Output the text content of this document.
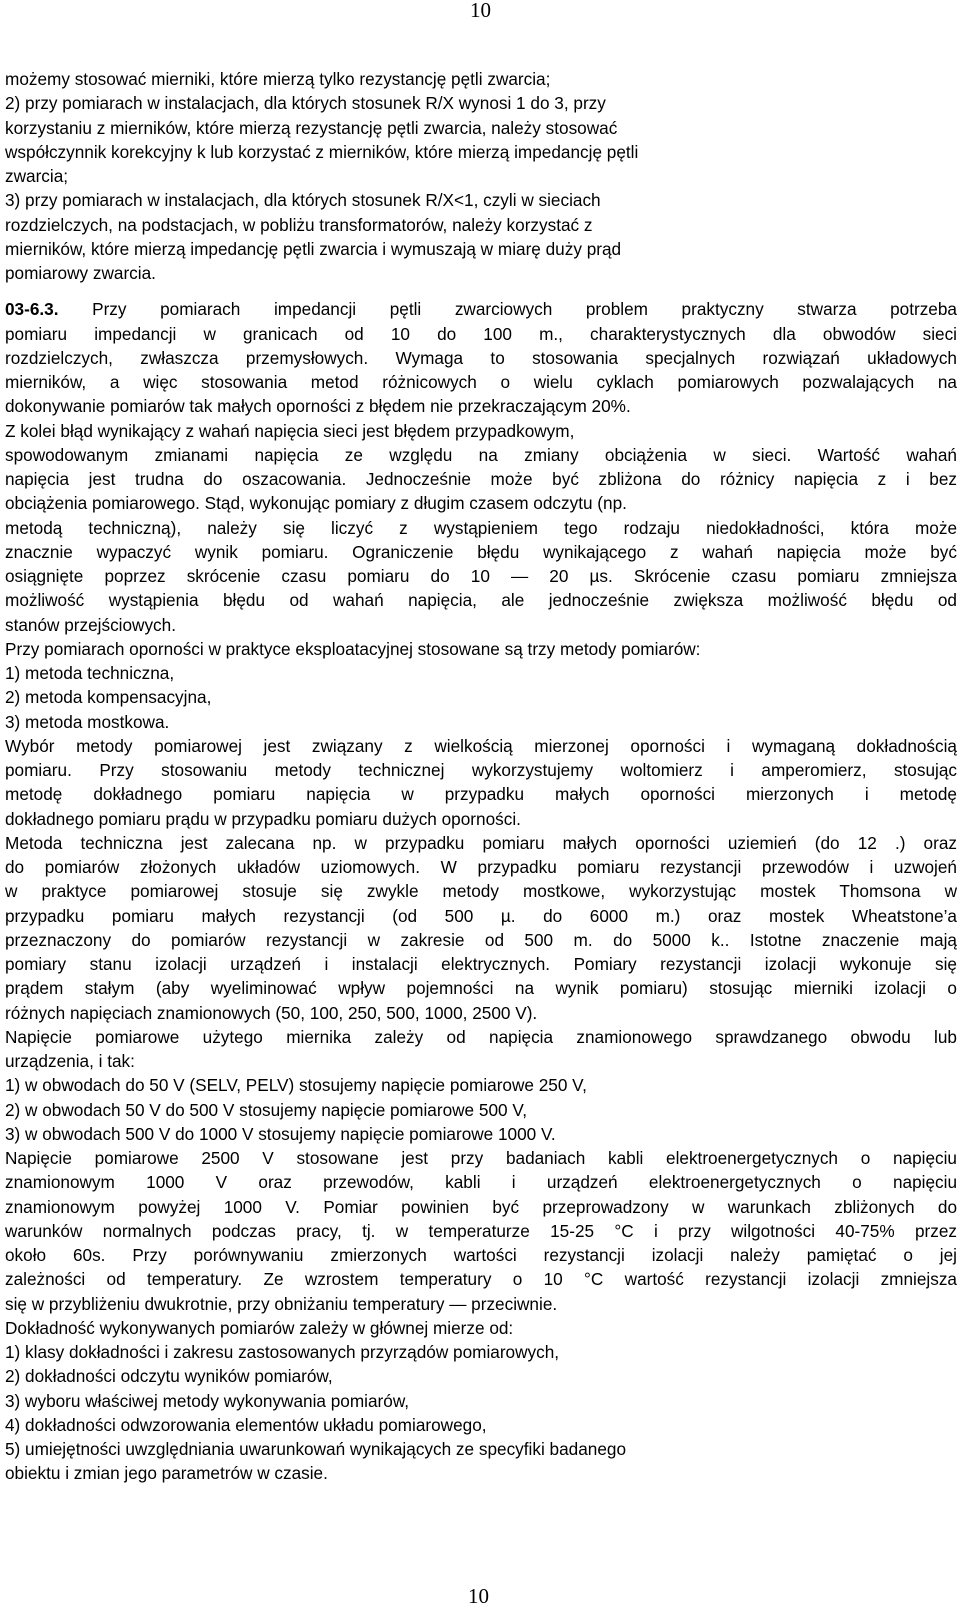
10
możemy stosować mierniki, które mierzą tylko rezystancję pętli zwarcia;
2) przy pomiarach w instalacjach, dla których stosunek R/X wynosi 1 do 3, przy
korzystaniu z mierników, które mierzą rezystancję pętli zwarcia, należy stosować
współczynnik korekcyjny k lub korzystać z mierników, które mierzą impedancję pętli
zwarcia;
3) przy pomiarach w instalacjach, dla których stosunek R/X<1, czyli w sieciach
rozdzielczych, na podstacjach, w pobliżu transformatorów, należy korzystać z
mierników, które mierzą impedancję pętli zwarcia i wymuszają w miarę duży prąd
pomiarowy zwarcia.
03-6.3. Przy pomiarach impedancji pętli zwarciowych problem praktyczny stwarza potrzeba
pomiaru impedancji w granicach od 10 do 100 m., charakterystycznych dla obwodów sieci
rozdzielczych, zwłaszcza przemysłowych. Wymaga to stosowania specjalnych rozwiązań układowych
mierników, a więc stosowania metod różnicowych o wielu cyklach pomiarowych pozwalających na
dokonywanie pomiarów tak małych oporności z błędem nie przekraczającym 20%.
Z kolei błąd wynikający z wahań napięcia sieci jest błędem przypadkowym,
spowodowanym zmianami napięcia ze względu na zmiany obciążenia w sieci. Wartość wahań
napięcia jest trudna do oszacowania. Jednocześnie może być zbliżona do różnicy napięcia z i bez
obciążenia pomiarowego. Stąd, wykonując pomiary z długim czasem odczytu (np.
metodą techniczną), należy się liczyć z wystąpieniem tego rodzaju niedokładności, która może
znacznie wypaczyć wynik pomiaru. Ograniczenie błędu wynikającego z wahań napięcia może być
osiągnięte poprzez skrócenie czasu pomiaru do 10 — 20 µs. Skrócenie czasu pomiaru zmniejsza
możliwość wystąpienia błędu od wahań napięcia, ale jednocześnie zwiększa możliwość błędu od
stanów przejściowych.
Przy pomiarach oporności w praktyce eksploatacyjnej stosowane są trzy metody pomiarów:
1) metoda techniczna,
2) metoda kompensacyjna,
3) metoda mostkowa.
Wybór metody pomiarowej jest związany z wielkością mierzonej oporności i wymaganą dokładnością
pomiaru. Przy stosowaniu metody technicznej wykorzystujemy woltomierz i amperomierz, stosując
metodę dokładnego pomiaru napięcia w przypadku małych oporności mierzonych i metodę
dokładnego pomiaru prądu w przypadku pomiaru dużych oporności.
Metoda techniczna jest zalecana np. w przypadku pomiaru małych oporności uziemień (do 12 .) oraz
do pomiarów złożonych układów uziomowych. W przypadku pomiaru rezystancji przewodów i uzwojeń
w praktyce pomiarowej stosuje się zwykle metody mostkowe, wykorzystując mostek Thomsona w
przypadku pomiaru małych rezystancji (od 500 µ. do 6000 m.) oraz mostek Wheatstone’a
przeznaczony do pomiarów rezystancji w zakresie od 500 m. do 5000 k.. Istotne znaczenie mają
pomiary stanu izolacji urządzeń i instalacji elektrycznych. Pomiary rezystancji izolacji wykonuje się
prądem stałym (aby wyeliminować wpływ pojemności na wynik pomiaru) stosując mierniki izolacji o
różnych napięciach znamionowych (50, 100, 250, 500, 1000, 2500 V).
Napięcie pomiarowe użytego miernika zależy od napięcia znamionowego sprawdzanego obwodu lub
urządzenia, i tak:
1) w obwodach do 50 V (SELV, PELV) stosujemy napięcie pomiarowe 250 V,
2) w obwodach 50 V do 500 V stosujemy napięcie pomiarowe 500 V,
3) w obwodach 500 V do 1000 V stosujemy napięcie pomiarowe 1000 V.
Napięcie pomiarowe 2500 V stosowane jest przy badaniach kabli elektroenergetycznych o napięciu
znamionowym 1000 V oraz przewodów, kabli i urządzeń elektroenergetycznych o napięciu
znamionowym powyżej 1000 V. Pomiar powinien być przeprowadzony w warunkach zbliżonych do
warunków normalnych podczas pracy, tj. w temperaturze 15-25 °C i przy wilgotności 40-75% przez
około 60s. Przy porównywaniu zmierzonych wartości rezystancji izolacji należy pamiętać o jej
zależności od temperatury. Ze wzrostem temperatury o 10 °C wartość rezystancji izolacji zmniejsza
się w przybliżeniu dwukrotnie, przy obniżaniu temperatury — przeciwnie.
Dokładność wykonywanych pomiarów zależy w głównej mierze od:
1) klasy dokładności i zakresu zastosowanych przyrządów pomiarowych,
2) dokładności odczytu wyników pomiarów,
3) wyboru właściwej metody wykonywania pomiarów,
4) dokładności odwzorowania elementów układu pomiarowego,
5) umiejętności uwzględniania uwarunkowań wynikających ze specyfiki badanego
obiektu i zmian jego parametrów w czasie.
10
